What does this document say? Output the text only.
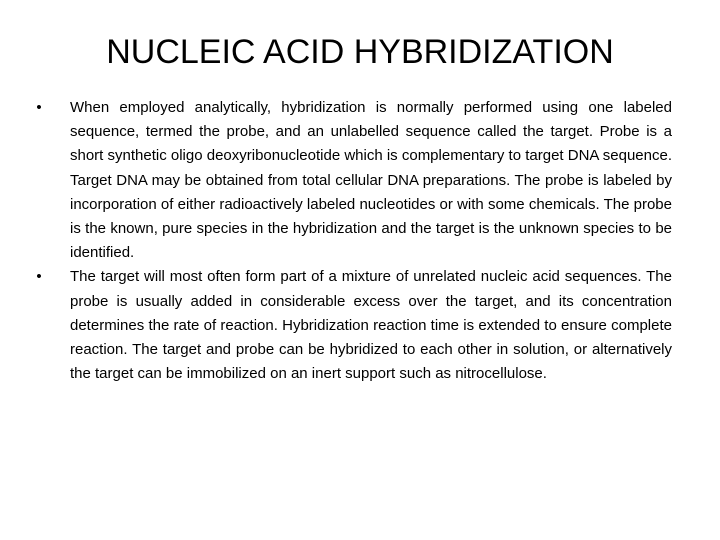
NUCLEIC ACID HYBRIDIZATION
• When employed analytically, hybridization is normally performed using one labeled sequence, termed the probe, and an unlabelled sequence called the target. Probe is a short synthetic oligo deoxyribonucleotide which is complementary to target DNA sequence. Target DNA may be obtained from total cellular DNA preparations. The probe is labeled by incorporation of either radioactively labeled nucleotides or with some chemicals. The probe is the known, pure species in the hybridization and the target is the unknown species to be identified.
• The target will most often form part of a mixture of unrelated nucleic acid sequences. The probe is usually added in considerable excess over the target, and its concentration determines the rate of reaction. Hybridization reaction time is extended to ensure complete reaction. The target and probe can be hybridized to each other in solution, or alternatively the target can be immobilized on an inert support such as nitrocellulose.
